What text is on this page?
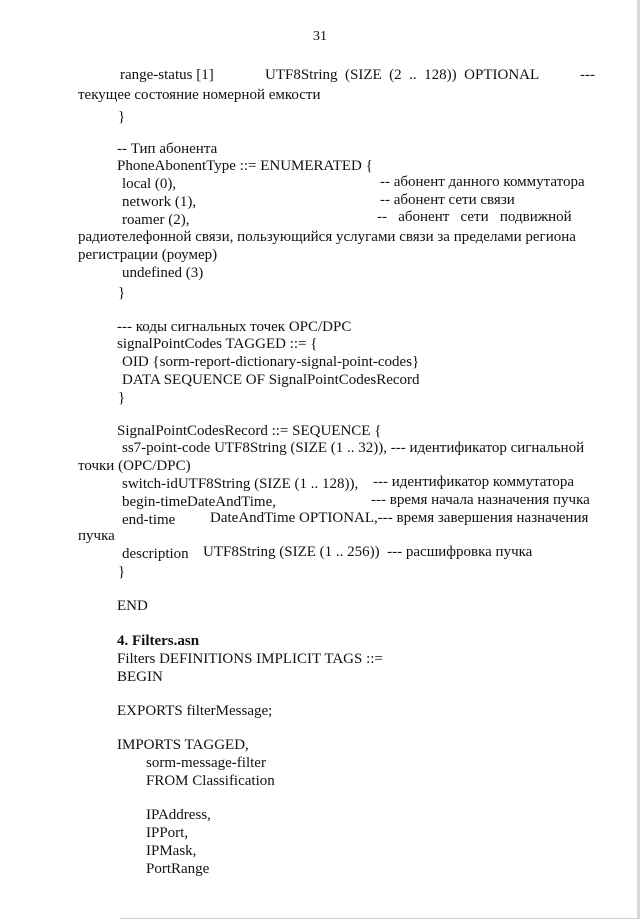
31
range-status [1]	UTF8String  (SIZE  (2  ..  128))  OPTIONAL	---
текущее состояние номерной емкости
}
-- Тип абонента
PhoneAbonentType ::= ENUMERATED {
local (0),	-- абонент данного коммутатора
network (1),	-- абонент сети связи
roamer (2),	--   абонент   сети   подвижной
радиотелефонной связи, пользующийся услугами связи за пределами региона
регистрации (роумер)
undefined (3)
}
--- коды сигнальных точек OPC/DPC
signalPointCodes TAGGED ::= {
OID {sorm-report-dictionary-signal-point-codes}
DATA SEQUENCE OF SignalPointCodesRecord
}
SignalPointCodesRecord ::= SEQUENCE {
ss7-point-code UTF8String (SIZE (1 .. 32)), --- идентификатор сигнальной
точки (OPC/DPC)
switch-idUTF8String (SIZE (1 .. 128)), --- идентификатор коммутатора
begin-timeDateAndTime,	--- время начала назначения пучка
end-time DateAndTime OPTIONAL,--- время завершения назначения
пучка
description UTF8String (SIZE (1 .. 256))  --- расшифровка пучка
}
END
4. Filters.asn
Filters DEFINITIONS IMPLICIT TAGS ::=
BEGIN
EXPORTS filterMessage;
IMPORTS TAGGED,
sorm-message-filter
FROM Classification
IPAddress,
IPPort,
IPMask,
PortRange
